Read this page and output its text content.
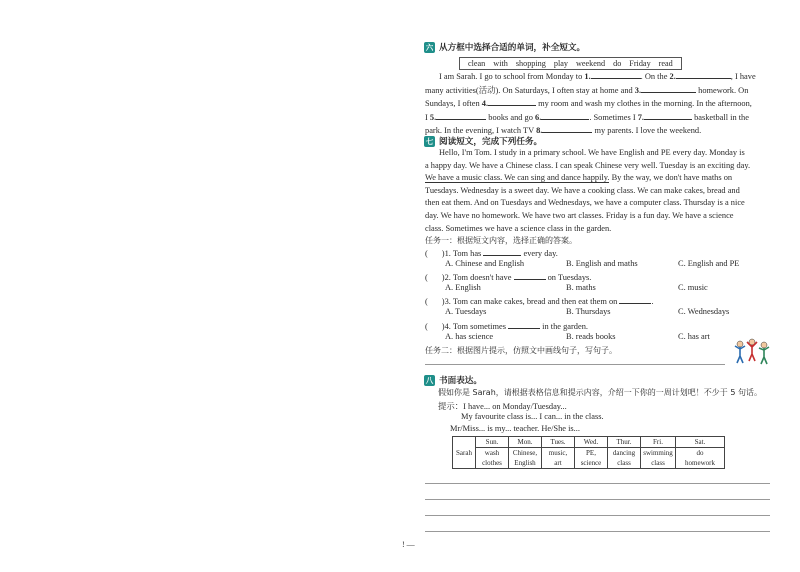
六 从方框中选择合适的单词，补全短文。
clean with shopping play weekend do Friday read
I am Sarah. I go to school from Monday to 1.	. On the 2.	, I have
many activities(活动). On Saturdays, I often stay at home and 3.	homework. On
Sundays, I often 4.	my room and wash my clothes in the morning. In the afternoon,
I 5.	books and go 6.	. Sometimes I 7.	basketball in the
park. In the evening, I watch TV 8.	my parents. I love the weekend.
七 阅读短文，完成下列任务。
Hello, I'm Tom. I study in a primary school. We have English and PE every day. Monday is
a happy day. We have a Chinese class. I can speak Chinese very well. Tuesday is an exciting day.
We have a music class. We can sing and dance happily. By the way, we don't have maths on
Tuesdays. Wednesday is a sweet day. We have a cooking class. We can make cakes, bread and
then eat them. And on Tuesdays and Wednesdays, we have a computer class. Thursday is a nice
day. We have no homework. We have two art classes. Friday is a fun day. We have a science
class. Sometimes we have a science class in the garden.
任务一：根据短文内容，选择正确的答案。
( )1. Tom has	every day.
A. Chinese and English	B. English and maths	C. English and PE
( )2. Tom doesn't have	on Tuesdays.
A. English	B. maths	C. music
( )3. Tom can make cakes, bread and then eat them on	.
A. Tuesdays	B. Thursdays	C. Wednesdays
( )4. Tom sometimes	in the garden.
A. has science	B. reads books	C. has art
任务二：根据图片提示，仿照文中画线句子，写句子。
八 书面表达。
假如你是 Sarah，请根据表格信息和提示内容，介绍一下你的一周计划吧！不少于 5 句话。
提示：I have... on Monday/Tuesday...
My favourite class is... I can... in the class.
Mr/Miss... is my... teacher. He/She is...
Sarah	Sun.	Mon.	Tues.	Wed.	Thur.	Fri.	Sat.
	wash	Chinese,	music,	PE,	dancing	swimming	do
	clothes	English	art	science	class	class	homework
! —
